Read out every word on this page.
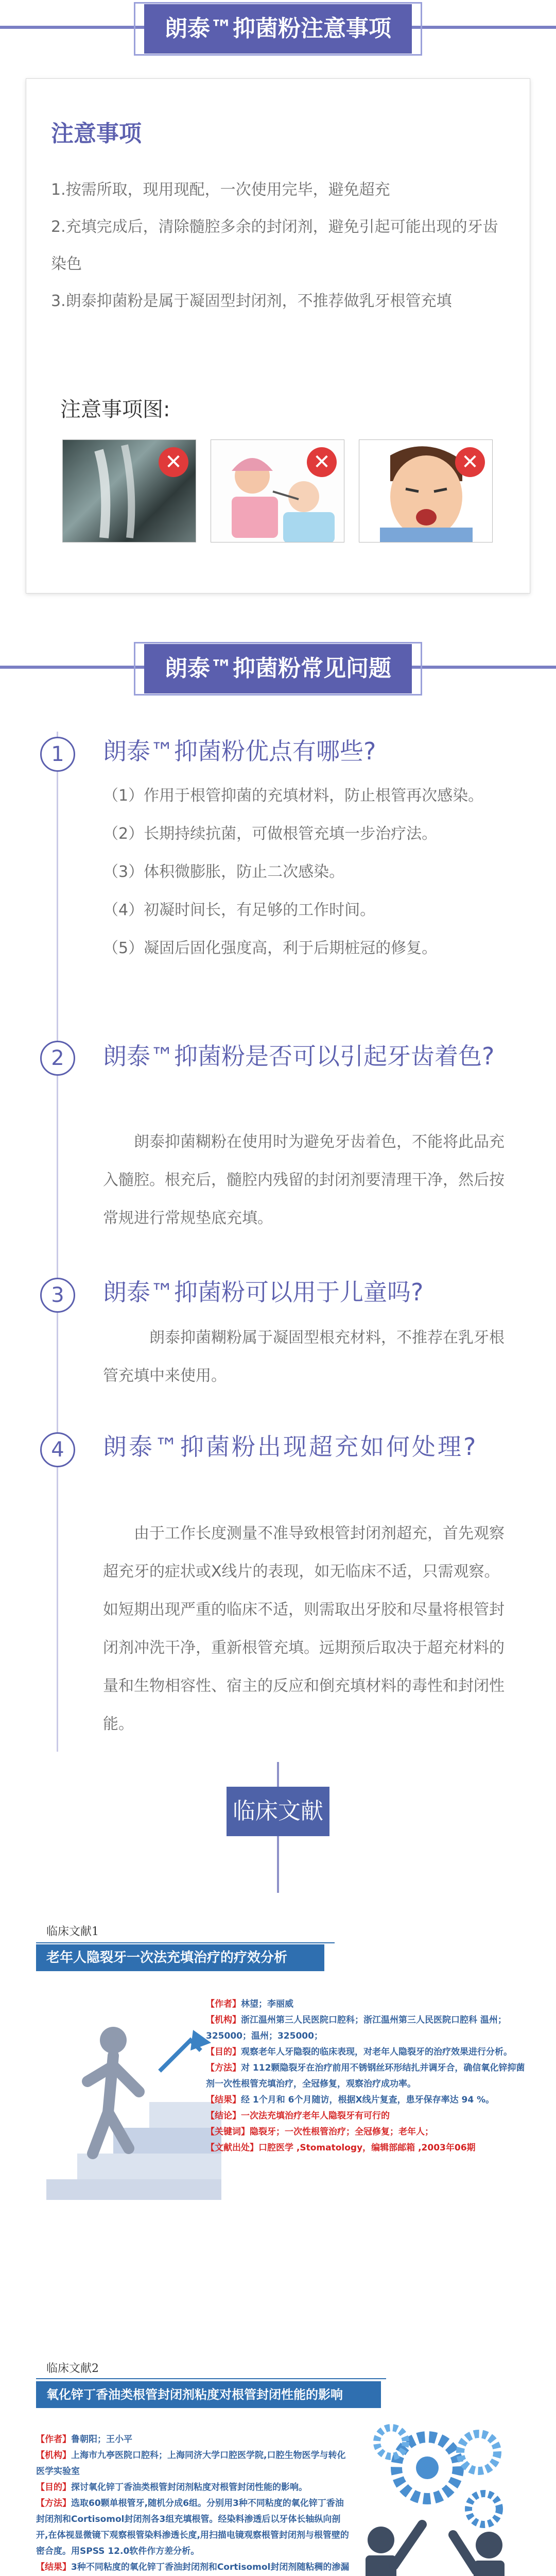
朗泰™抑菌粉注意事项
注意事项
1.按需所取，现用现配，一次使用完毕，避免超充
2.充填完成后，清除髓腔多余的封闭剂，避免引起可能出现的牙齿染色
3.朗泰抑菌粉是属于凝固型封闭剂，不推荐做乳牙根管充填
注意事项图:
✕	✕	✕
朗泰™抑菌粉常见问题
1	朗泰™抑菌粉优点有哪些?

（1）作用于根管抑菌的充填材料，防止根管再次感染。

（2）长期持续抗菌，可做根管充填一步治疗法。

（3）体积微膨胀，防止二次感染。

（4）初凝时间长，有足够的工作时间。

（5）凝固后固化强度高，利于后期桩冠的修复。

2	朗泰™抑菌粉是否可以引起牙齿着色?

朗泰抑菌糊粉在使用时为避免牙齿着色，不能将此品充入髓腔。根充后，髓腔内残留的封闭剂要清理干净，然后按常规进行常规垫底充填。

3	朗泰™抑菌粉可以用于儿童吗?

朗泰抑菌糊粉属于凝固型根充材料，不推荐在乳牙根管充填中来使用。

4	朗泰™抑菌粉出现超充如何处理?

由于工作长度测量不准导致根管封闭剂超充，首先观察超充牙的症状或X线片的表现，如无临床不适，只需观察。如短期出现严重的临床不适，则需取出牙胶和尽量将根管封闭剂冲洗干净，重新根管充填。远期预后取决于超充材料的量和生物相容性、宿主的反应和倒充填材料的毒性和封闭性能。

临床文献
临床文献1
老年人隐裂牙一次法充填治疗的疗效分析
【作者】林望；李丽威
【机构】浙江温州第三人民医院口腔科；浙江温州第三人民医院口腔科 温州；325000；温州；325000；
【目的】观察老年人牙隐裂的临床表现，对老年人隐裂牙的治疗效果进行分析。
【方法】对 112颗隐裂牙在治疗前用不锈钢丝环形结扎并调牙合，确信氧化锌抑菌剂一次性根管充填治疗，全冠修复，观察治疗成功率。
【结果】经 1个月和 6个月随访，根据X线片复查，患牙保存率达 94 %。
【结论】一次法充填治疗老年人隐裂牙有可行的
【关键词】隐裂牙；一次性根管治疗；全冠修复；老年人；
【文献出处】口腔医学 ,Stomatology，编辑部邮箱 ,2003年06期
临床文献2
氧化锌丁香油类根管封闭剂粘度对根管封闭性能的影响
【作者】鲁朝阳；王小平
【机构】上海市九亭医院口腔科；上海同济大学口腔医学院,口腔生物医学与转化医学实验室
【目的】探讨氧化锌丁香油类根管封闭剂粘度对根管封闭性能的影响。
【方法】选取60颗单根管牙,随机分成6组。分别用3种不同粘度的氧化锌丁香油封闭剂和Cortisomol封闭剂各3组充填根管。经染料渗透后以牙体长轴纵向剖开,在体视显微镜下观察根管染料渗透长度,用扫描电镜观察根管封闭剂与根管壁的密合度。用SPSS 12.0软件作方差分析。
【结果】3种不同粘度的氧化锌丁香油封闭剂和Cortisomol封闭剂随粘稠的渗漏
